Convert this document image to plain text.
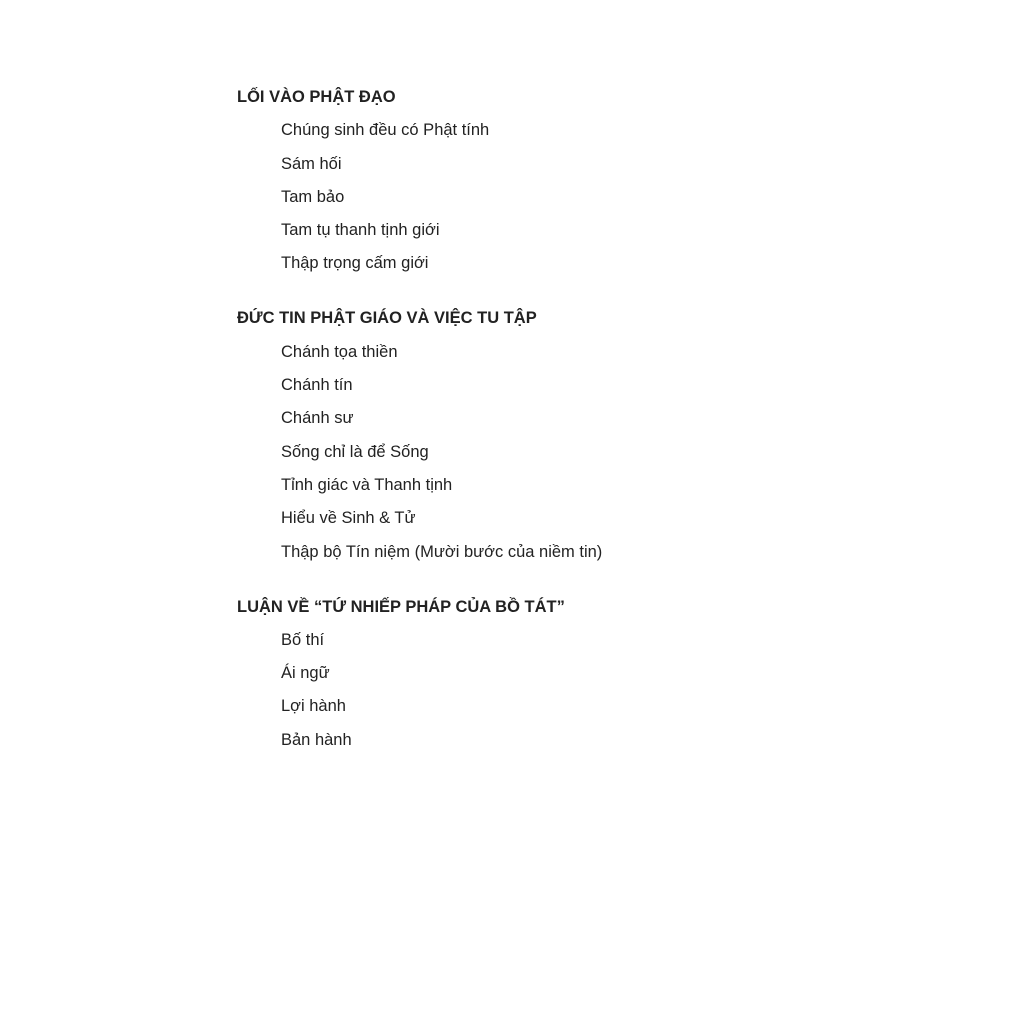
LỐI VÀO PHẬT ĐẠO
Chúng sinh đều có Phật tính
Sám hối
Tam bảo
Tam tụ thanh tịnh giới
Thập trọng cấm giới
ĐỨC TIN PHẬT GIÁO VÀ VIỆC TU TẬP
Chánh tọa thiền
Chánh tín
Chánh sư
Sống chỉ là để Sống
Tỉnh giác và Thanh tịnh
Hiểu về Sinh & Tử
Thập bộ Tín niệm (Mười bước của niềm tin)
LUẬN VỀ “TỨ NHIẾP PHÁP CỦA BỒ TÁT”
Bố thí
Ái ngữ
Lợi hành
Bản hành
